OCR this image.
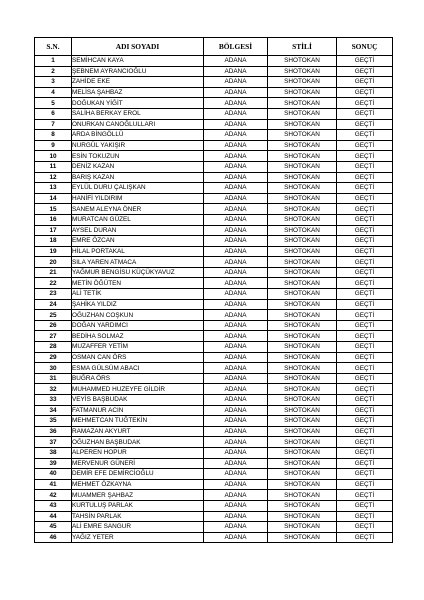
S.N.	ADI SOYADI	BÖLGESİ	STİLİ	SONUÇ
1	SEMİHCAN KAYA	ADANA	SHOTOKAN	GEÇTİ
2	ŞEBNEM AYRANCIOĞLU	ADANA	SHOTOKAN	GEÇTİ
3	ZAHİDE EKE	ADANA	SHOTOKAN	GEÇTİ
4	MELİSA ŞAHBAZ	ADANA	SHOTOKAN	GEÇTİ
5	DOĞUKAN YİĞİT	ADANA	SHOTOKAN	GEÇTİ
6	SALİHA BERKAY EROL	ADANA	SHOTOKAN	GEÇTİ
7	ONURKAN CANOĞLULLARI	ADANA	SHOTOKAN	GEÇTİ
8	ARDA BİNGÖLLÜ	ADANA	SHOTOKAN	GEÇTİ
9	NURGÜL YAKIŞIR	ADANA	SHOTOKAN	GEÇTİ
10	ESİN TOKUZUN	ADANA	SHOTOKAN	GEÇTİ
11	DENİZ KAZAN	ADANA	SHOTOKAN	GEÇTİ
12	BARIŞ KAZAN	ADANA	SHOTOKAN	GEÇTİ
13	EYLÜL DURU ÇALIŞKAN	ADANA	SHOTOKAN	GEÇTİ
14	HANİFİ YILDIRIM	ADANA	SHOTOKAN	GEÇTİ
15	SANEM ALEYNA ÖNER	ADANA	SHOTOKAN	GEÇTİ
16	MURATCAN GÜZEL	ADANA	SHOTOKAN	GEÇTİ
17	AYSEL DURAN	ADANA	SHOTOKAN	GEÇTİ
18	EMRE ÖZCAN	ADANA	SHOTOKAN	GEÇTİ
19	HİLAL PORTAKAL	ADANA	SHOTOKAN	GEÇTİ
20	SILA YAREN ATMACA	ADANA	SHOTOKAN	GEÇTİ
21	YAĞMUR BENGİSU KÜÇÜKYAVUZ	ADANA	SHOTOKAN	GEÇTİ
22	METİN ÖĞÜTEN	ADANA	SHOTOKAN	GEÇTİ
23	ALİ TETİK	ADANA	SHOTOKAN	GEÇTİ
24	ŞAHİKA YILDIZ	ADANA	SHOTOKAN	GEÇTİ
25	OĞUZHAN COŞKUN	ADANA	SHOTOKAN	GEÇTİ
26	DOĞAN YARDIMCI	ADANA	SHOTOKAN	GEÇTİ
27	BEDİHA SOLMAZ	ADANA	SHOTOKAN	GEÇTİ
28	MUZAFFER YETİM	ADANA	SHOTOKAN	GEÇTİ
29	OSMAN CAN ÖRS	ADANA	SHOTOKAN	GEÇTİ
30	ESMA GÜLSÜM ABACI	ADANA	SHOTOKAN	GEÇTİ
31	BUĞRA ÖRS	ADANA	SHOTOKAN	GEÇTİ
32	MUHAMMED HUZEYFE GİLDİR	ADANA	SHOTOKAN	GEÇTİ
33	VEYİS BAŞBUDAK	ADANA	SHOTOKAN	GEÇTİ
34	FATMANUR ACIN	ADANA	SHOTOKAN	GEÇTİ
35	MEHMETCAN TUĞTEKİN	ADANA	SHOTOKAN	GEÇTİ
36	RAMAZAN AKYURT	ADANA	SHOTOKAN	GEÇTİ
37	OĞUZHAN BAŞBUDAK	ADANA	SHOTOKAN	GEÇTİ
38	ALPEREN HOPUR	ADANA	SHOTOKAN	GEÇTİ
39	MERVENUR GÜNERİ	ADANA	SHOTOKAN	GEÇTİ
40	DEMİR EFE DEMİRCİOĞLU	ADANA	SHOTOKAN	GEÇTİ
41	MEHMET ÖZKAYNA	ADANA	SHOTOKAN	GEÇTİ
42	MUAMMER ŞAHBAZ	ADANA	SHOTOKAN	GEÇTİ
43	KURTULUŞ PARLAK	ADANA	SHOTOKAN	GEÇTİ
44	TAHSİN PARLAK	ADANA	SHOTOKAN	GEÇTİ
45	ALİ EMRE SANGUR	ADANA	SHOTOKAN	GEÇTİ
46	YAĞIZ YETER	ADANA	SHOTOKAN	GEÇTİ
